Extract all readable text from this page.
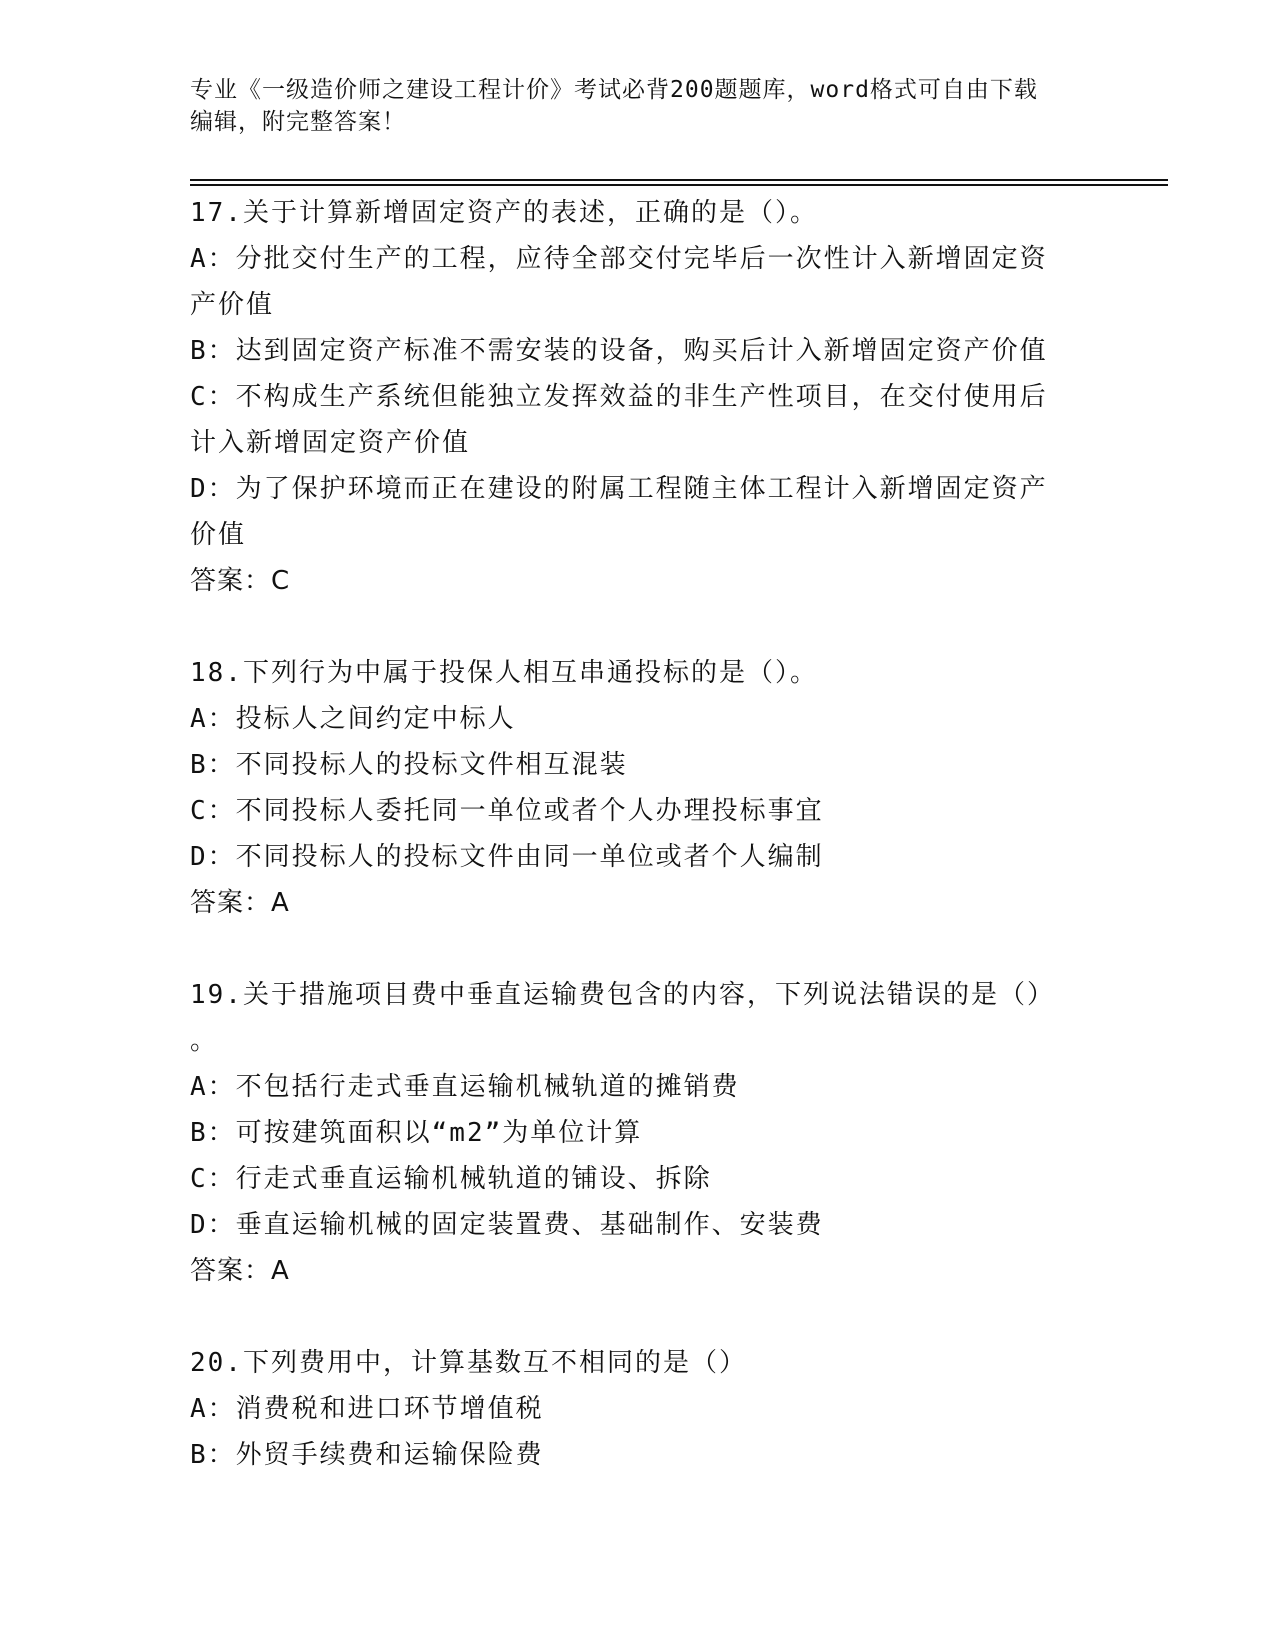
专业《一级造价师之建设工程计价》考试必背200题题库，word格式可自由下载
编辑，附完整答案！
17.关于计算新增固定资产的表述，正确的是（）。
A：分批交付生产的工程，应待全部交付完毕后一次性计入新增固定资
产价值
B：达到固定资产标准不需安装的设备，购买后计入新增固定资产价值
C：不构成生产系统但能独立发挥效益的非生产性项目，在交付使用后
计入新增固定资产价值
D：为了保护环境而正在建设的附属工程随主体工程计入新增固定资产
价值
答案：C
18.下列行为中属于投保人相互串通投标的是（）。
A：投标人之间约定中标人
B：不同投标人的投标文件相互混装
C：不同投标人委托同一单位或者个人办理投标事宜
D：不同投标人的投标文件由同一单位或者个人编制
答案：A
19.关于措施项目费中垂直运输费包含的内容，下列说法错误的是（）
。
A：不包括行走式垂直运输机械轨道的摊销费
B：可按建筑面积以“m2”为单位计算
C：行走式垂直运输机械轨道的铺设、拆除
D：垂直运输机械的固定装置费、基础制作、安装费
答案：A
20.下列费用中，计算基数互不相同的是（）
A：消费税和进口环节增值税
B：外贸手续费和运输保险费
